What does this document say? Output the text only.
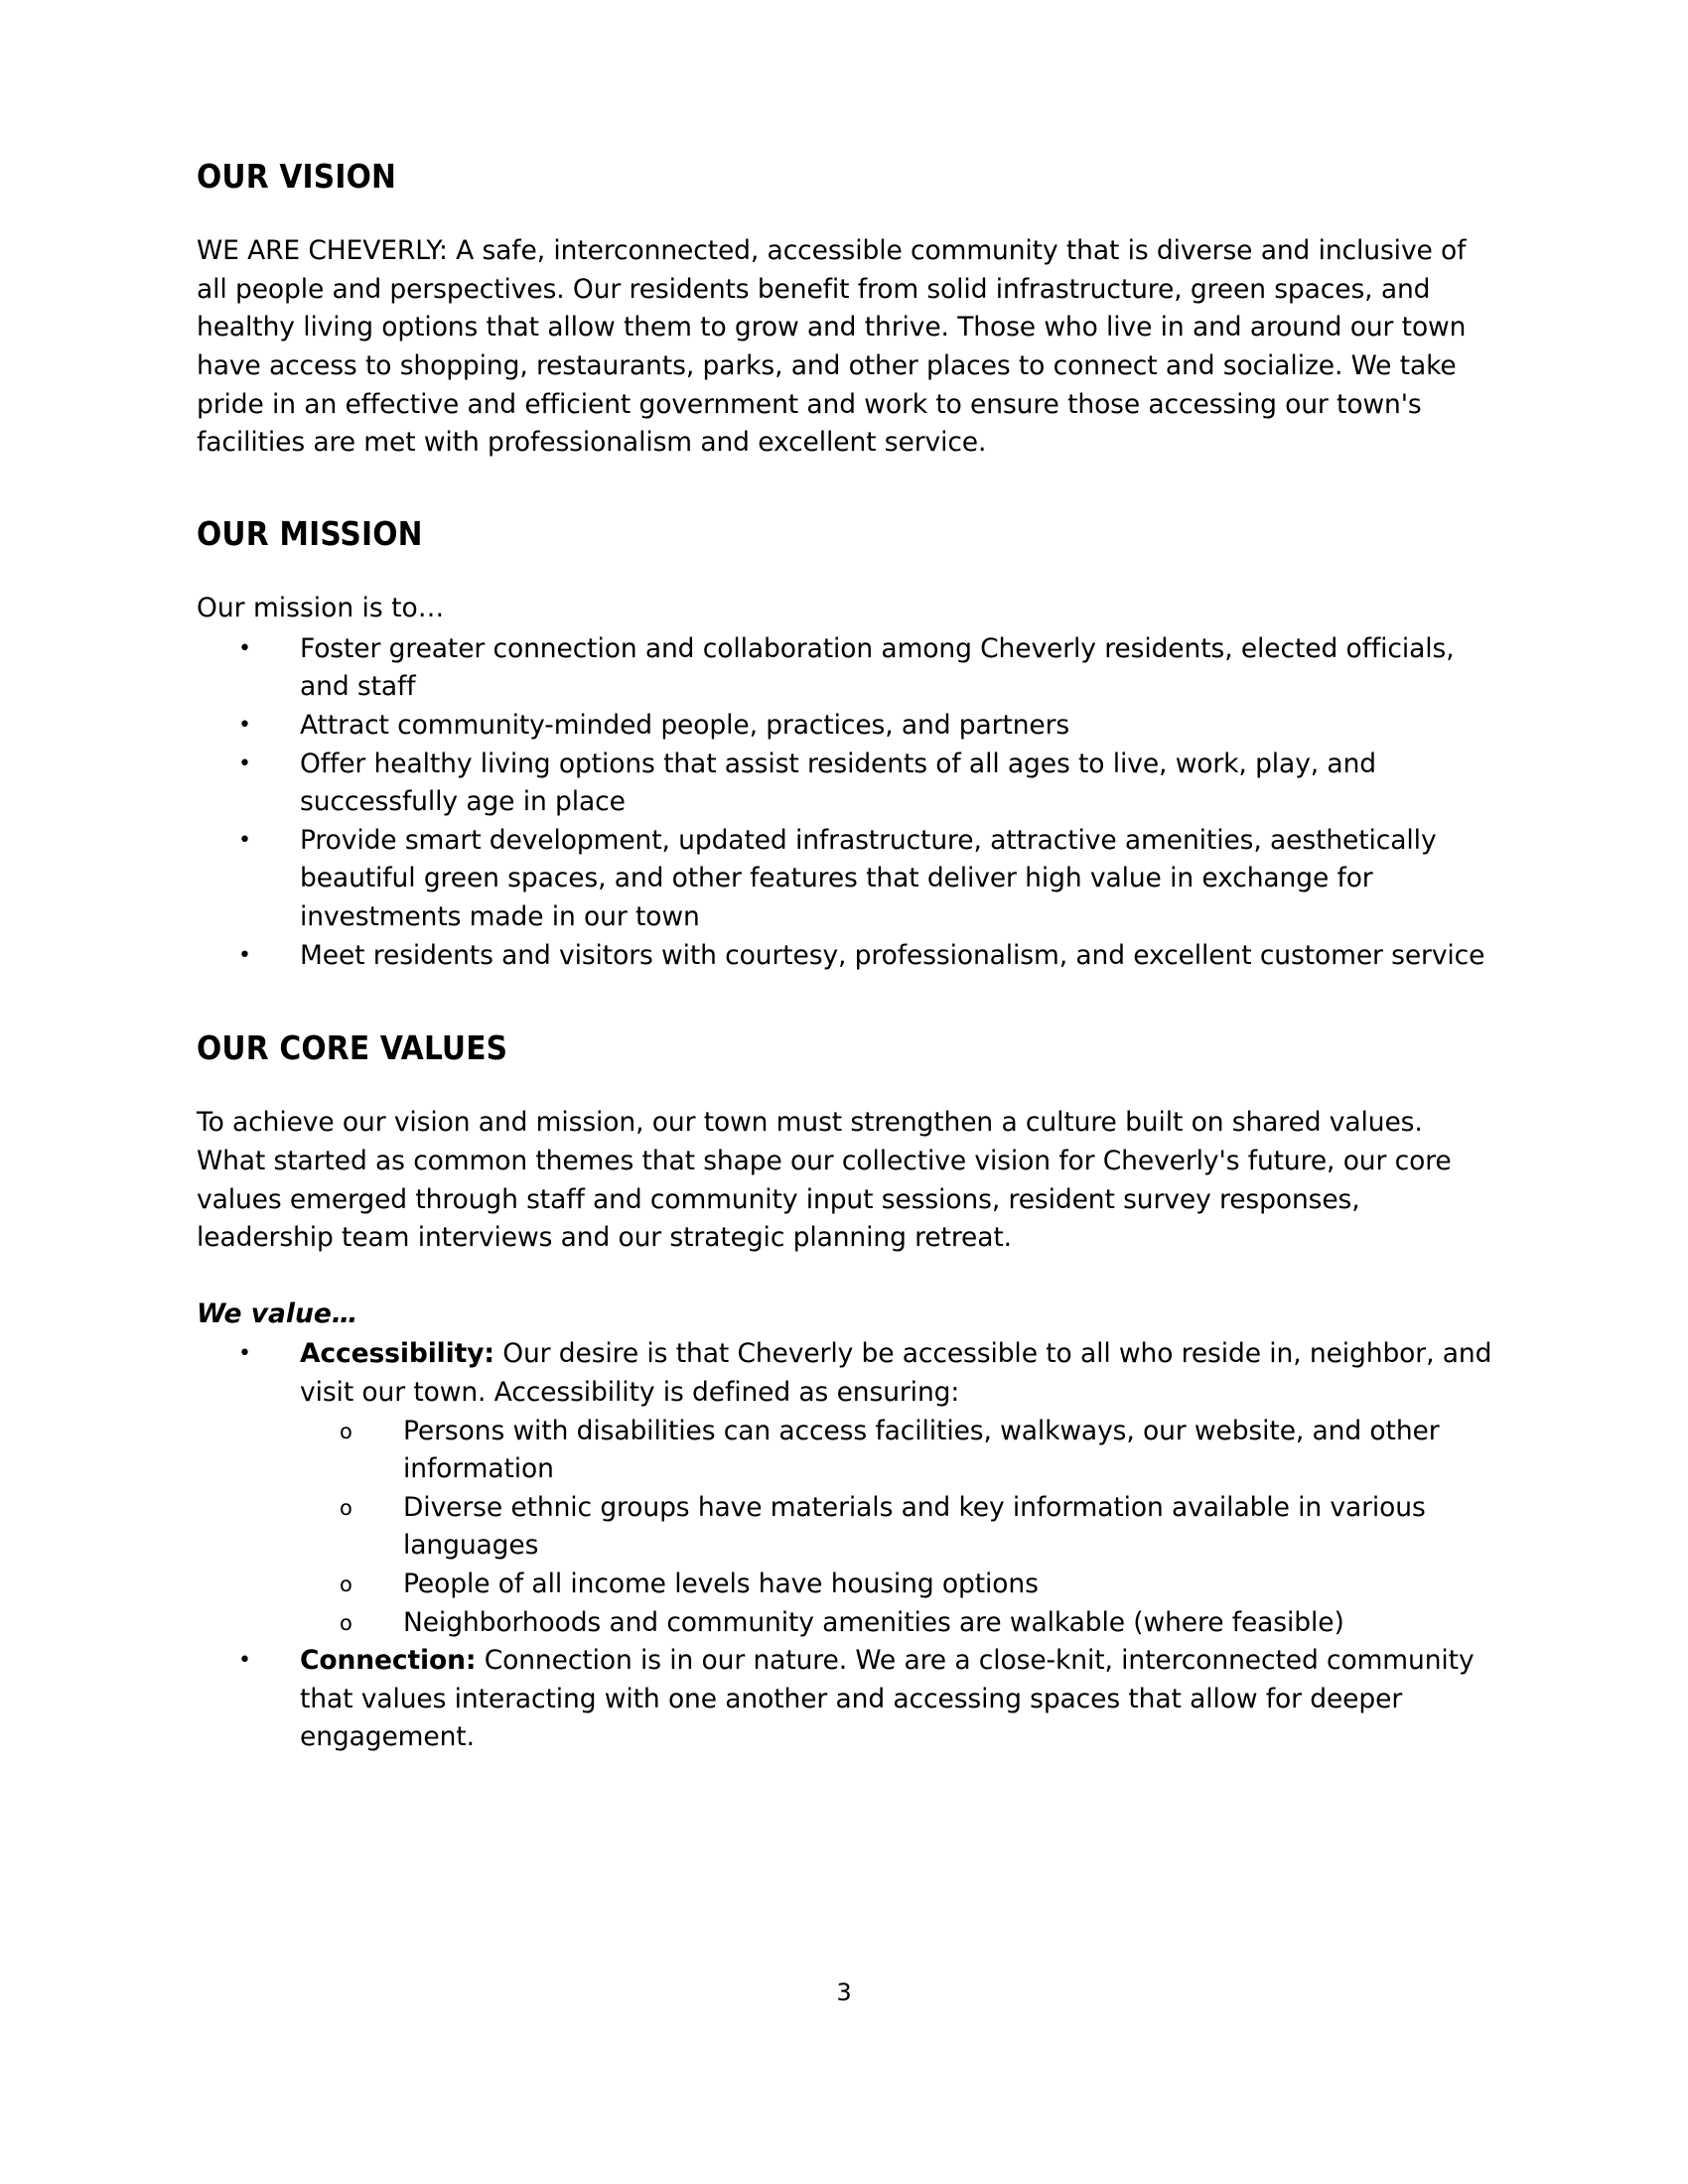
OUR VISION

WE ARE CHEVERLY: A safe, interconnected, accessible community that is diverse and inclusive of all people and perspectives. Our residents benefit from solid infrastructure, green spaces, and healthy living options that allow them to grow and thrive. Those who live in and around our town have access to shopping, restaurants, parks, and other places to connect and socialize. We take pride in an effective and efficient government and work to ensure those accessing our town's facilities are met with professionalism and excellent service.

OUR MISSION

Our mission is to…

• Foster greater connection and collaboration among Cheverly residents, elected officials, and staff
• Attract community-minded people, practices, and partners
• Offer healthy living options that assist residents of all ages to live, work, play, and successfully age in place
• Provide smart development, updated infrastructure, attractive amenities, aesthetically beautiful green spaces, and other features that deliver high value in exchange for investments made in our town
• Meet residents and visitors with courtesy, professionalism, and excellent customer service
OUR CORE VALUES

To achieve our vision and mission, our town must strengthen a culture built on shared values. What started as common themes that shape our collective vision for Cheverly's future, our core values emerged through staff and community input sessions, resident survey responses, leadership team interviews and our strategic planning retreat.

We value…

• Accessibility: Our desire is that Cheverly be accessible to all who reside in, neighbor, and visit our town. Accessibility is defined as ensuring:
o Persons with disabilities can access facilities, walkways, our website, and other information
o Diverse ethnic groups have materials and key information available in various languages
o People of all income levels have housing options
o Neighborhoods and community amenities are walkable (where feasible)
• Connection: Connection is in our nature. We are a close-knit, interconnected community that values interacting with one another and accessing spaces that allow for deeper engagement.
3
